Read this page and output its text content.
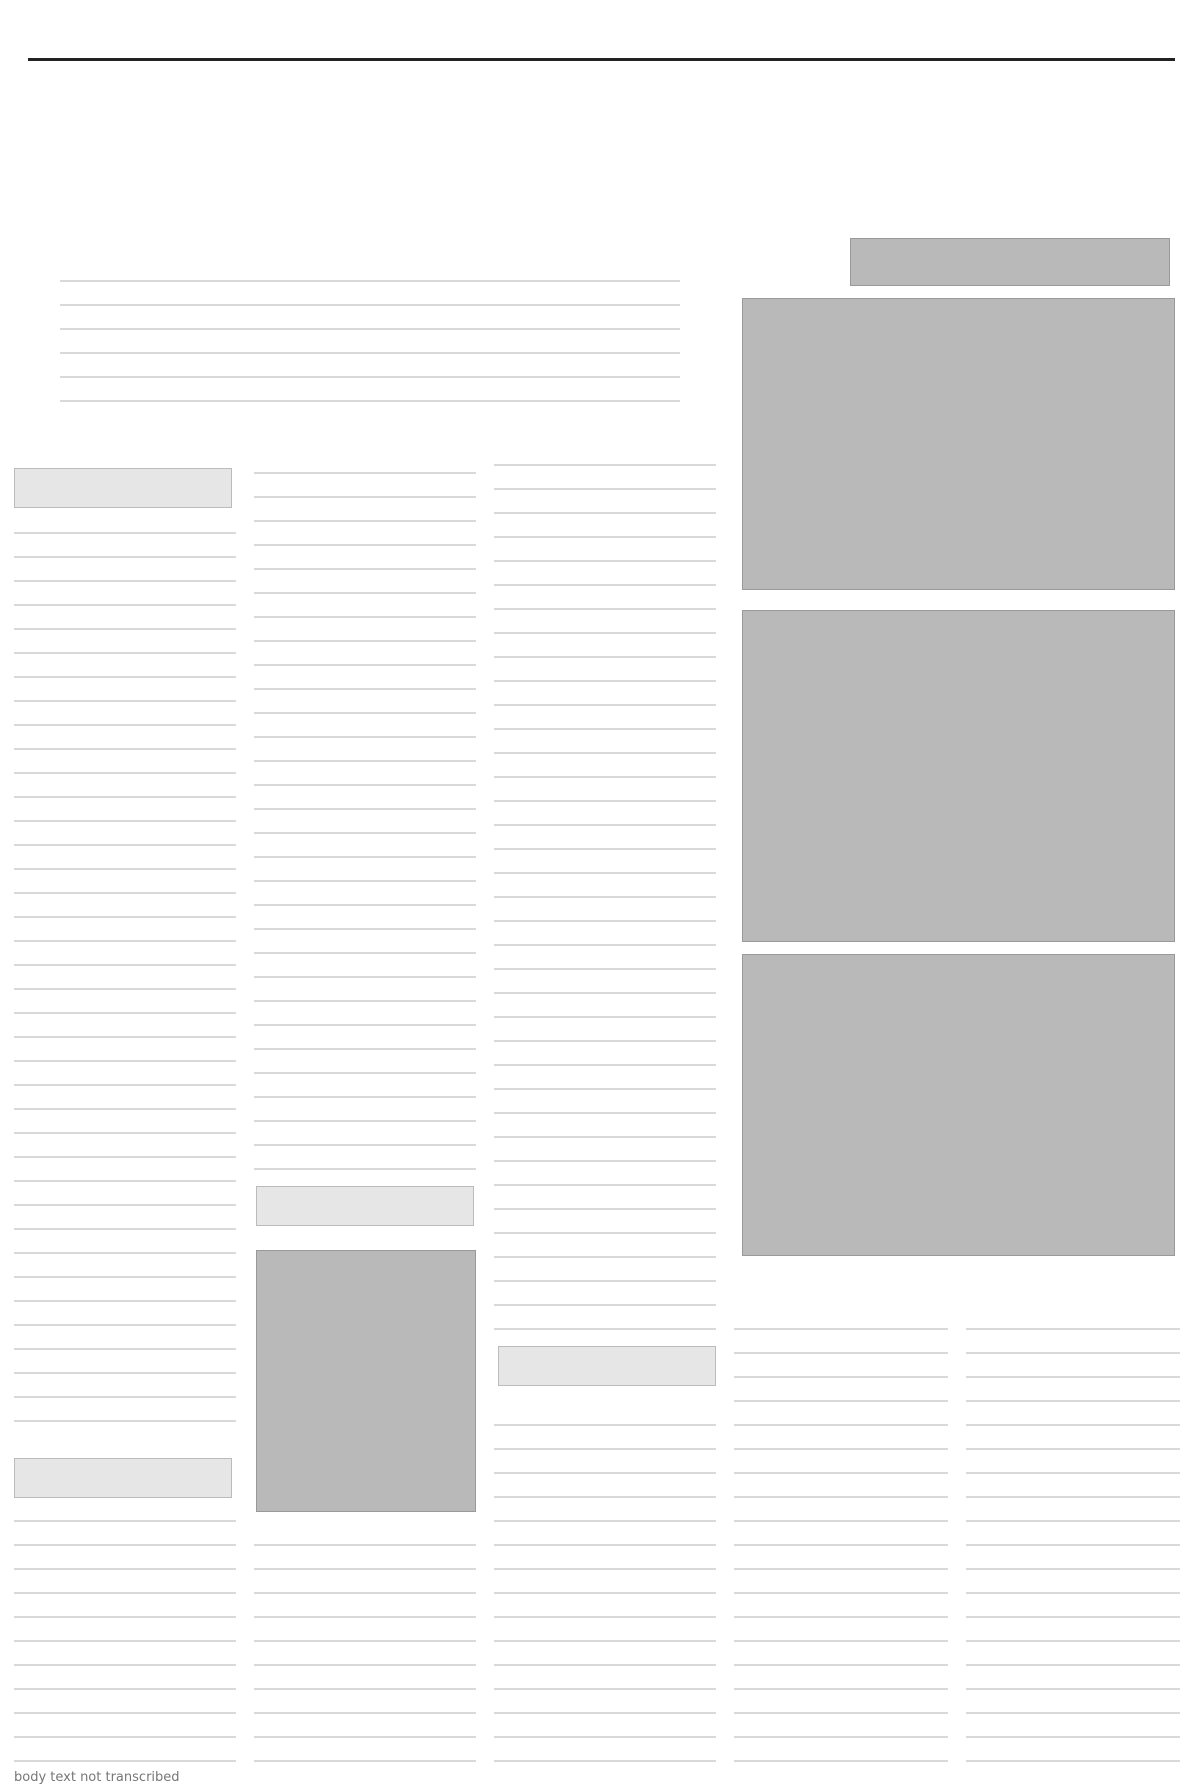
body text not transcribed
